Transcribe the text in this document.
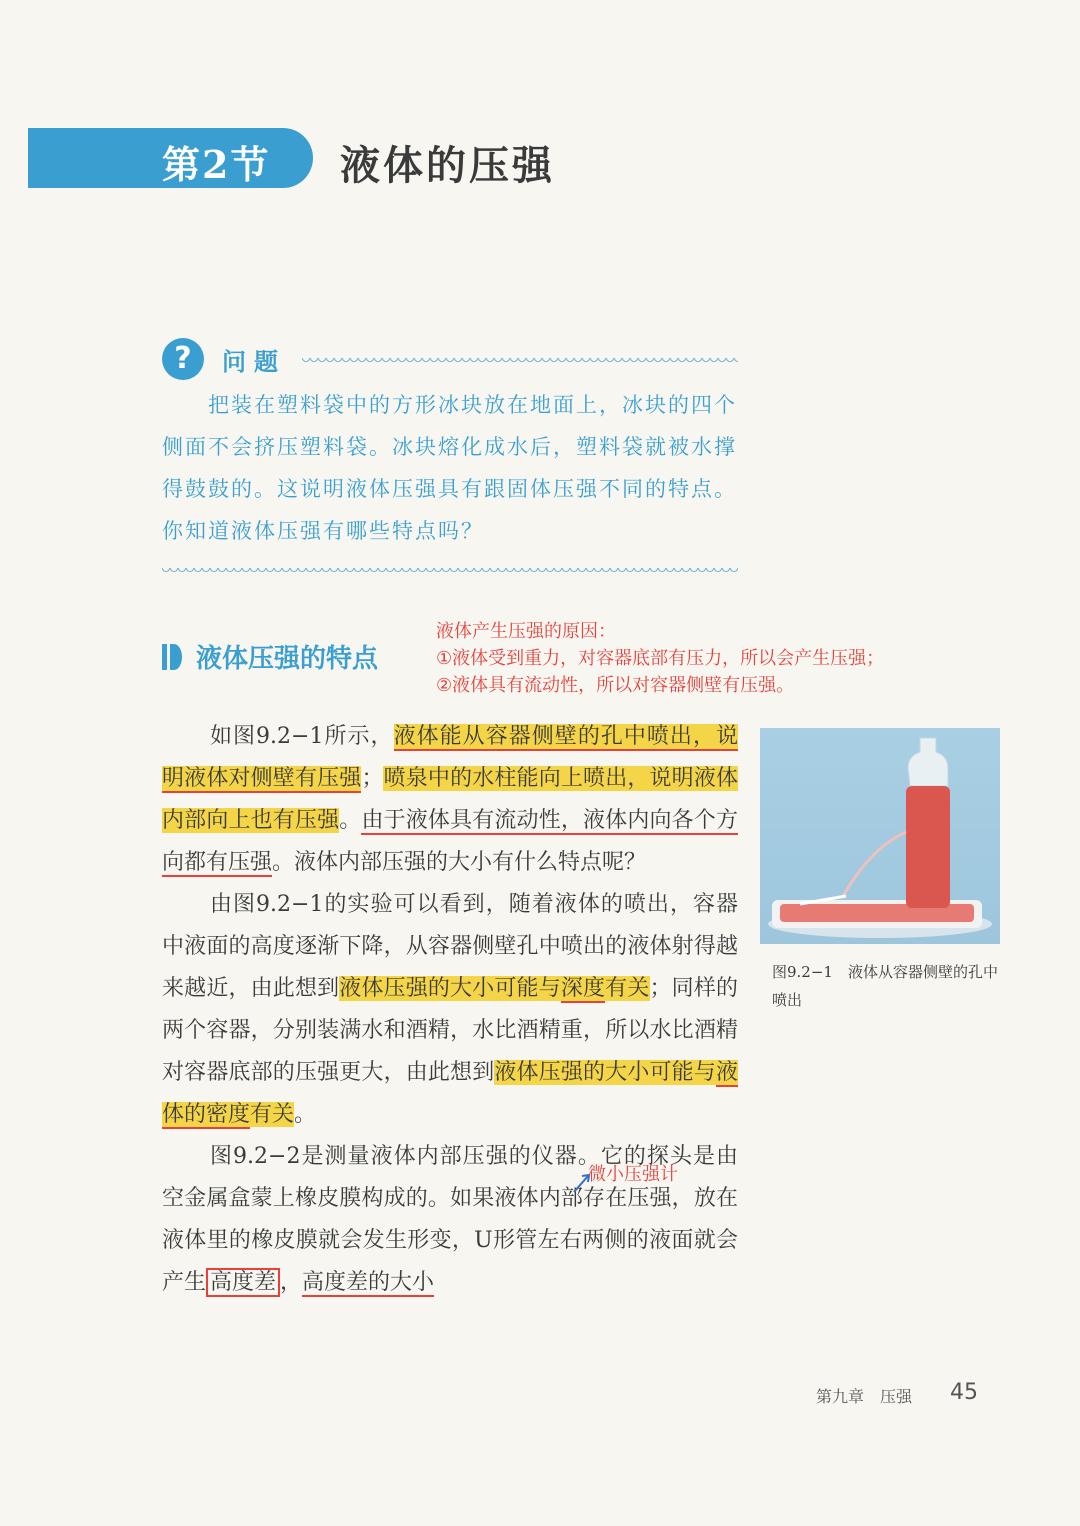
第2节 液体的压强
?	问题
把装在塑料袋中的方形冰块放在地面上，冰块的四个侧面不会挤压塑料袋。冰块熔化成水后，塑料袋就被水撑得鼓鼓的。这说明液体压强具有跟固体压强不同的特点。你知道液体压强有哪些特点吗？
液体压强的特点
液体产生压强的原因：
①液体受到重力，对容器底部有压力，所以会产生压强；
②液体具有流动性，所以对容器侧壁有压强。

如图9.2−1所示，液体能从容器侧壁的孔中喷出，说明液体对侧壁有压强；喷泉中的水柱能向上喷出，说明液体内部向上也有压强。由于液体具有流动性，液体内向各个方向都有压强。液体内部压强的大小有什么特点呢？

由图9.2−1的实验可以看到，随着液体的喷出，容器中液面的高度逐渐下降，从容器侧壁孔中喷出的液体射得越来越近，由此想到液体压强的大小可能与深度有关；同样的两个容器，分别装满水和酒精，水比酒精重，所以水比酒精对容器底部的压强更大，由此想到液体压强的大小可能与液体的密度有关。

图9.2−2是测量液体内部压强的仪器。它的探头是由空金属盒蒙上橡皮膜构成的。如果液体内部存在压强，放在液体里的橡皮膜就会发生形变，U形管左右两侧的液面就会产生 高度差 ，高度差的大小

微小压强计
图9.2−1　液体从容器侧壁的孔中喷出
第九章　压强 45
